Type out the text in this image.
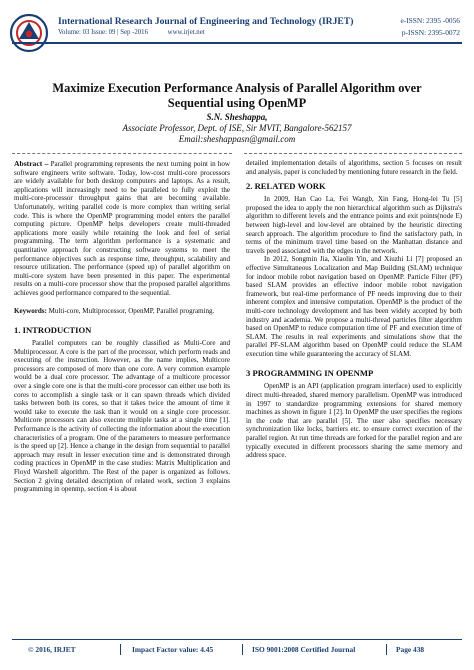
International Research Journal of Engineering and Technology (IRJET)	e-ISSN: 2395 -0056
p-ISSN: 2395-0072
Volume: 03 Issue: 09 | Sep -2016	www.irjet.net
Maximize Execution Performance Analysis of Parallel Algorithm over
Sequential using OpenMP
S.N. Sheshappa,
Associate Professor, Dept. of ISE, Sir MVIT, Bangalore-562157
Email:sheshappasn@gmail.com

Abstract – Parallel programming represents the next turning point in how software engineers write software. Today, low-cost multi-core processors are widely available for both desktop computers and laptops. As a result, applications will increasingly need to be paralleled to fully exploit the multi-core-processor throughput gains that are becoming available. Unfortunately, writing parallel code is more complex than writing serial code. This is where the OpenMP programming model enters the parallel computing picture. OpenMP helps developers create multi-threaded applications more easily while retaining the look and feel of serial programming. The term algorithm performance is a systematic and quantitative approach for constructing software systems to meet the performance objectives such as response time, throughput, scalability and resource utilization. The performance (speed up) of parallel algorithm on multi-core system have been presented in this paper. The experimental results on a multi-core processor show that the proposed parallel algorithms achieves good performance compared to the sequential.

Keywords: Multi-core, Multiprocessor, OpenMP, Parallel programing.

1. INTRODUCTION

Parallel computers can be roughly classified as Multi-Core and Multiprocessor. A core is the part of the processor, which perform reads and executing of the instruction. However, as the name implies, Multicore processors are composed of more than one core. A very common example would be a dual core processor. The advantage of a multicore processor over a single core one is that the multi-core processor can either use both its cores to accomplish a single task or it can spawn threads which divided tasks between both its cores, so that it takes twice the amount of time it would take to execute the task than it would on a single core processor. Multicore processors can also execute multiple tasks at a single time [1]. Performance is the activity of collecting the information about the execution characteristics of a program. One of the parameters to measure performance is the speed up [2]. Hence a change in the design from sequential to parallel approach may result in lesser execution time and is demonstrated through coding practices in OpenMP in the case studies: Matrix Multiplication and Floyd Warshell algorithm. The Rest of the paper is organized as follows. Section 2 giving detailed description of related work, section 3 explains programming in openmp, section 4 is about

detailed implementation details of algorithms, section 5 focuses on result and analysis, paper is concluded by mentioning future research in the field.

2. RELATED WORK

In 2009, Han Cao La, Fei Wangb, Xin Fang, Hong-lei Tu [5] proposed the idea to apply the non hierarchical algorithm such as Dijkstra's algorithm to different levels and the entrance points and exit points(node E) between high-level and low-level are obtained by the heuristic directing search approach. The algorithm procedure to find the satisfactory path, in terms of the minimum travel time based on the Manhattan distance and travels peed associated with the edges in the network.

In 2012, Songmin Jia, Xiaolin Yin, and Xiuzhi Li [7] proposed an effective Simultaneous Localization and Map Building (SLAM) technique for indoor mobile robot navigation based on OpenMP. Particle Filter (PF) based SLAM provides an effective indoor mobile robot navigation framework, but real-time performance of PF needs improving due to their inherent complex and intensive computation. OpenMP is the product of the multi-core technology development and has been widely accepted by both industry and academia. We propose a multi-thread particles filter algorithm based on OpenMP to reduce computation time of PF and execution time of SLAM. The results in real experiments and simulations show that the parallel PF-SLAM algorithm based on OpenMP could reduce the SLAM execution time while guaranteeing the accuracy of SLAM.

3 PROGRAMMING IN OPENMP

OpenMP is an API (application program interface) used to explicitly direct multi-threaded, shared memory parallelism. OpenMP was introduced in 1997 to standardize programming extensions for shared memory machines as shown in figure 1 [2]. In OpenMP the user specifies the regions in the code that are parallel [5]. The user also specifies necessary synchronization like locks, barriers etc. to ensure correct execution of the parallel region. At run time threads are forked for the parallel region and are typically executed in different processors sharing the same memory and address space.

© 2016, IRJET	Impact Factor value: 4.45	ISO 9001:2008 Certified Journal	Page 438
